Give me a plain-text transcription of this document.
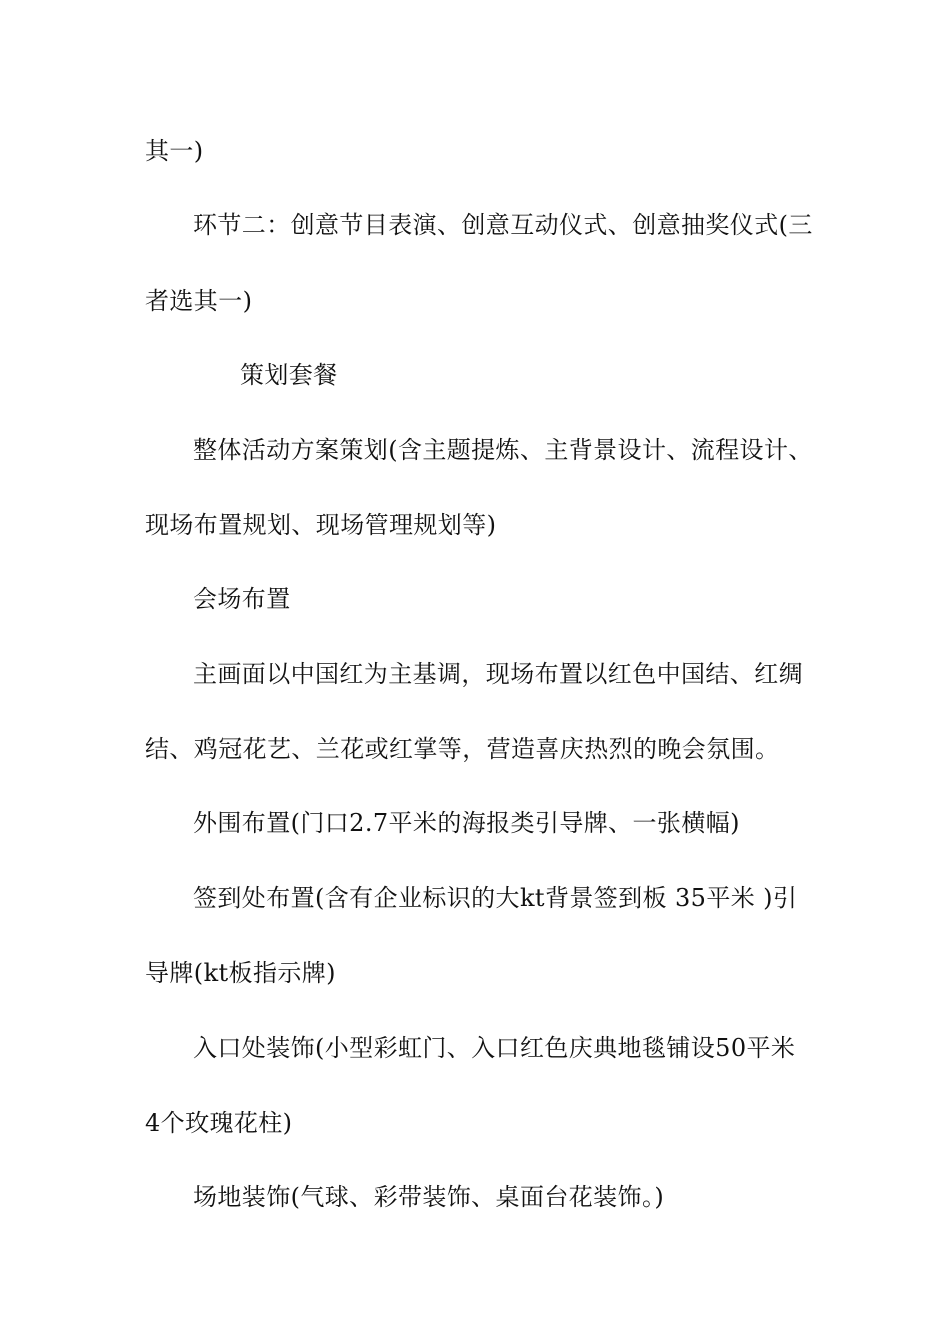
其一)
环节二：创意节目表演、创意互动仪式、创意抽奖仪式(三
者选其一)
策划套餐
整体活动方案策划(含主题提炼、主背景设计、流程设计、
现场布置规划、现场管理规划等)
会场布置
主画面以中国红为主基调，现场布置以红色中国结、红绸
结、鸡冠花艺、兰花或红掌等，营造喜庆热烈的晚会氛围。
外围布置(门口2.7平米的海报类引导牌、一张横幅)
签到处布置(含有企业标识的大kt背景签到板 35平米 )引
导牌(kt板指示牌)
入口处装饰(小型彩虹门、入口红色庆典地毯铺设50平米
4个玫瑰花柱)
场地装饰(气球、彩带装饰、桌面台花装饰。)
